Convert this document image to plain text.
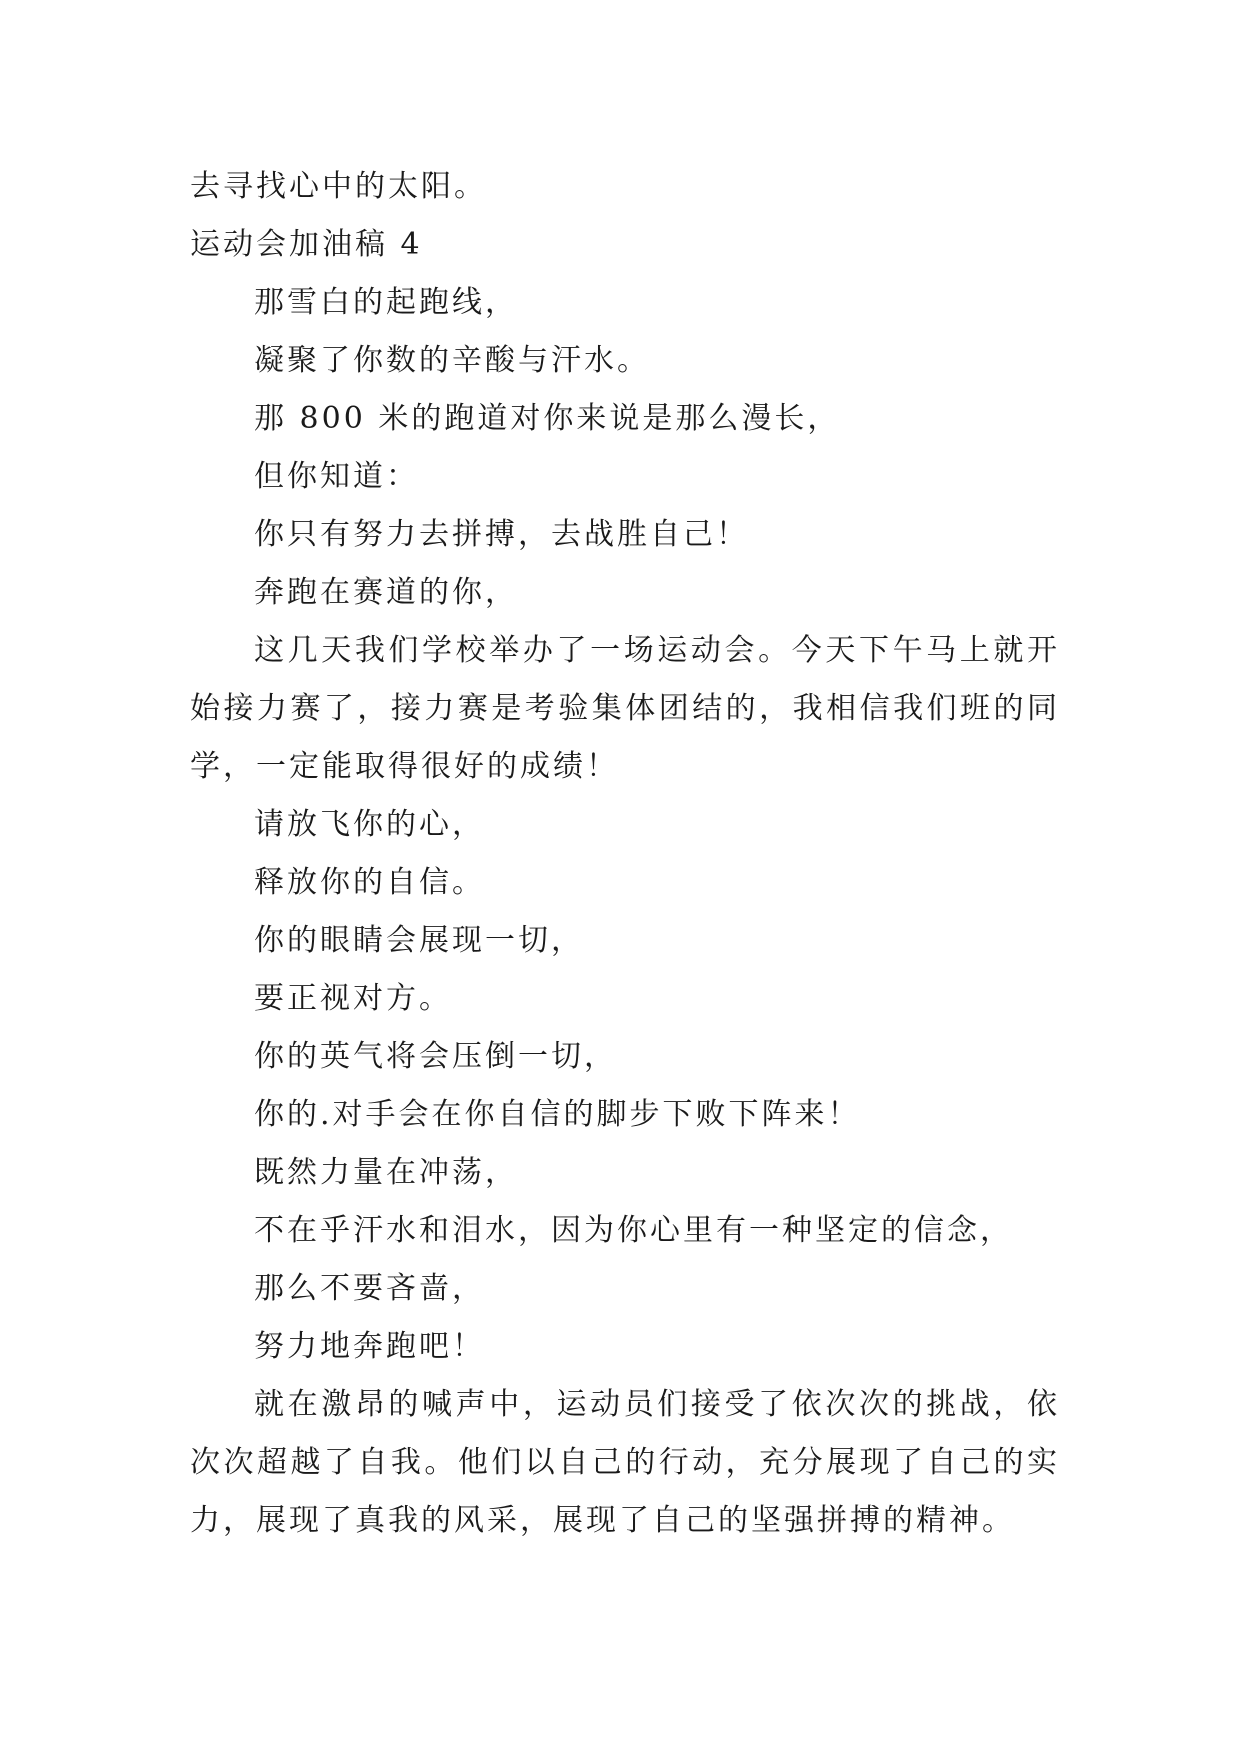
去寻找心中的太阳。
运动会加油稿 4
那雪白的起跑线，
凝聚了你数的辛酸与汗水。
那 800 米的跑道对你来说是那么漫长，
但你知道：
你只有努力去拼搏，去战胜自己！
奔跑在赛道的你，
这几天我们学校举办了一场运动会。今天下午马上就开始接力赛了，接力赛是考验集体团结的，我相信我们班的同学，一定能取得很好的成绩！
请放飞你的心，
释放你的自信。
你的眼睛会展现一切，
要正视对方。
你的英气将会压倒一切，
你的.对手会在你自信的脚步下败下阵来！
既然力量在冲荡，
不在乎汗水和泪水，因为你心里有一种坚定的信念，
那么不要吝啬，
努力地奔跑吧！
就在激昂的喊声中，运动员们接受了依次次的挑战，依次次超越了自我。他们以自己的行动，充分展现了自己的实力，展现了真我的风采，展现了自己的坚强拼搏的精神。
